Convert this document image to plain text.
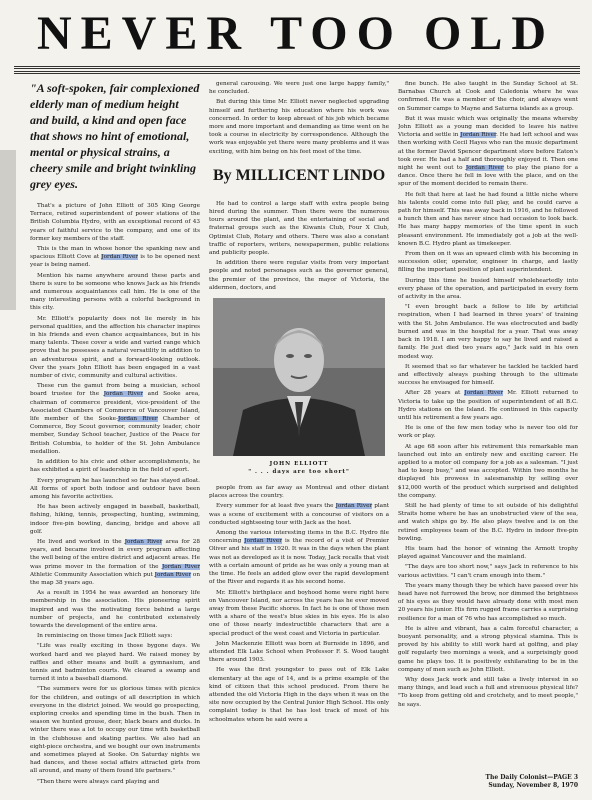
NEVER TOO OLD

"A soft-spoken, fair complexioned elderly man of medium height and build, a kind and open face that shows no hint of emotional, mental or physical strains, a cheery smile and bright twinkling grey eyes.

That's a picture of John Elliott of 305 King George Terrace, retired superintendent of power stations of the British Columbia Hydro, with an exceptional record of 43 years of faithful service to the company, and one of its former key members of the staff.

This is the man in whose honor the spanking new and spacious Elliott Cove at Jordan River is to be opened next year is being named.

Mention his name anywhere around these parts and there is sure to be someone who knows Jack as his friends and numerous acquaintances call him. He is one of the many interesting persons with a colorful background in this city.

Mr. Elliott's popularity does not lie merely in his personal qualities, and the affection his character inspires in his friends and even chance acquaintances, but in his many talents. These cover a wide and varied range which prove that he possesses a natural versatility in addition to an adventurous spirit, and a forward-looking outlook. Over the years John Elliott has been engaged in a vast number of civic, community and cultural activities.

These run the gamut from being a musician, school board trustee for the Jordan River and Sooke area, chairman of commerce president, vice-president of the Associated Chambers of Commerce of Vancouver Island, life member of the Sooke-Jordan River Chamber of Commerce, Boy Scout governor, community leader, choir member, Sunday School teacher, Justice of the Peace for British Columbia, to holder of the St. John Ambulance medallion.

In addition to his civic and other accomplishments, he has exhibited a spirit of leadership in the field of sport.

Every program he has launched so far has stayed afloat. All forms of sport both indoor and outdoor have been among his favorite activities.

He has been actively engaged in baseball, basketball, fishing, hiking, tennis, prospecting, hunting, swimming, indoor five-pin bowling, dancing, bridge and above all golf.

He lived and worked in the Jordan River area for 28 years, and became involved in every program affecting the well being of the entire district and adjacent areas. He was prime mover in the formation of the Jordan River Athletic Community Association which put Jordan River on the map 38 years ago.

As a result in 1954 he was awarded an honorary life membership in the association. His pioneering spirit inspired and was the motivating force behind a large number of projects, and he contributed extensively towards the development of the entire area.

In reminiscing on those times Jack Elliott says:

"Life was really exciting in those bygone days. We worked hard and we played hard. We raised money by raffles and other means and built a gymnasium, and tennis and badminton courts. We cleared a swamp and turned it into a baseball diamond.

"The summers were for us glorious times with picnics for the children, and outings of all description in which everyone in the district joined. We would go prospecting, exploring creeks and spending time in the bush. Then in season we hunted grouse, deer, black bears and ducks. In winter there was a lot to occupy our time with basketball in the clubhouse and skating parties. We also had an eight-piece orchestra, and we bought our own instruments and sometimes played at Sooke. On Saturday nights we had dances, and these social affairs attracted girls from all around, and many of them found life partners."

"Then there were always card playing and

general carousing. We were just one large happy family," he concluded.

But during this time Mr. Elliott never neglected upgrading himself and furthering his education where his work was concerned. In order to keep abreast of his job which became more and more important and demanding as time went on he took a course in electricity by correspondence. Although the work was enjoyable yet there were many problems and it was exciting, with him being on his feet most of the time.

By MILLICENT LINDO

He had to control a large staff with extra people being hired during the summer. Then there were the numerous tours around the plant, and the entertaining of social and fraternal groups such as the Kiwanis Club, Four X Club, Optimist Club, Rotary and others. There was also a constant traffic of reporters, writers, newspapermen, public relations and publicity people.

In addition there were regular visits from very important people and noted personages such as the governor general, the premier of the province, the mayor of Victoria, the aldermen, doctors, and

JOHN ELLIOTT
" . . . days are too short"

people from as far away as Montreal and other distant places across the country.

Every summer for at least five years the Jordan River plant was a scene of excitement with a concourse of visitors on a conducted sightseeing tour with Jack as the host.

Among the various interesting items in the B.C. Hydro file concerning Jordan River is the record of a visit of Premier Oliver and his staff in 1920. It was in the days when the plant was not as developed as it is now. Today, Jack recalls that visit with a certain amount of pride as he was only a young man at the time. He feels an added glow over the rapid development of the River and regards it as his second home.

Mr. Elliott's birthplace and boyhood home were right here on Vancouver Island, nor across the years has he ever moved away from these Pacific shores. In fact he is one of those men with a share of the west's blue skies in his eyes. He is also one of those nearly indestructible characters that are a special product of the west coast and Victoria in particular.

John Mackenzie Elliott was born at Burnside in 1896, and attended Elk Lake School when Professor F. S. Wood taught there around 1903.

He was the first youngster to pass out of Elk Lake elementary at the age of 14, and is a prime example of the kind of citizen that this school produced. From there he attended the old Victoria High in the days when it was on the site now occupied by the Central Junior High School. His only complaint today is that he has lost track of most of his schoolmates whom he said were a

fine bunch. He also taught in the Sunday School at St. Barnabas Church at Cook and Caledonia where he was confirmed. He was a member of the choir, and always went on Summer camps to Mayne and Saturna islands as a group.

But it was music which was originally the means whereby John Elliott as a young man decided to leave his native Victoria and settle in Jordan River. He had left school and was then working with Cecil Hayes who ran the music department at the former David Spencer department store before Eaton's took over. He had a half and thoroughly enjoyed it. Then one night he went out to Jordan River to play the piano for a dance. Once there he fell in love with the place, and on the spur of the moment decided to remain there.

He felt that here at last he had found a little niche where his talents could come into full play, and he could carve a path for himself. This was away back in 1916, and he followed a hunch then and has never since had occasion to look back. He has many happy memories of the time spent in such pleasant environment. He immediately got a job at the well-known B.C. Hydro plant as timekeeper.

From then on it was an upward climb with his becoming in succession oiler, operator, engineer in charge, and lastly filling the important position of plant superintendent.

During this time he busied himself wholeheartedly into every phase of the operation, and participated in every form of activity in the area.

"I even brought back a fellow to life by artificial respiration, when I had learned in three years' of training with the St. John Ambulance. He was electrocuted and badly burned and was in the hospital for a year. That was away back in 1918. I am very happy to say he lived and raised a family. He just died two years ago," Jack said in his own modest way.

It seemed that so far whatever he tackled he tackled hard and effectively always pushing through to the ultimate success he envisaged for himself.

After 28 years at Jordan River Mr. Elliott returned to Victoria to take up the position of superintendent of all B.C. Hydro stations on the Island. He continued in this capacity until his retirement a few years ago.

He is one of the few men today who is never too old for work or play.

At age 68 soon after his retirement this remarkable man launched out into an entirely new and exciting career. He applied to a motor oil company for a job as a salesman. "I just had to keep busy," and was accepted. Within two months he displayed his prowess in salesmanship by selling over $12,000 worth of the product which surprised and delighted the company.

Still he had plenty of time to sit outside of his delightful Straits home where he has an unobstructed view of the sea, and watch ships go by. He also plays twelve and is on the retired employees team of the B.C. Hydro in indoor five-pin bowling.

His team had the honor of winning the Armott trophy played against Vancouver and the mainland.

"The days are too short now," says Jack in reference to his various activities. "I can't cram enough into them."

The years many though they be which have passed over his head have not furrowed the brow, nor dimmed the brightness of his eyes as they would have already done with most men 20 years his junior. His firm rugged frame carries a surprising resilience for a man of 76 who has accomplished so much.

He is alive and vibrant, has a calm forceful character, a buoyant personality, and a strong physical stamina. This is proved by his ability to still work hard at golfing, and play golf regularly two mornings a week, and a surprisingly good game he plays too. It is positively exhilarating to be in the company of men such as John Elliott.

Why does Jack work and still take a lively interest in so many things, and lead such a full and strenuous physical life? "To keep from getting old and crotchety, and to meet people," he says.

The Daily Colonist—PAGE 3
Sunday, November 8, 1970
